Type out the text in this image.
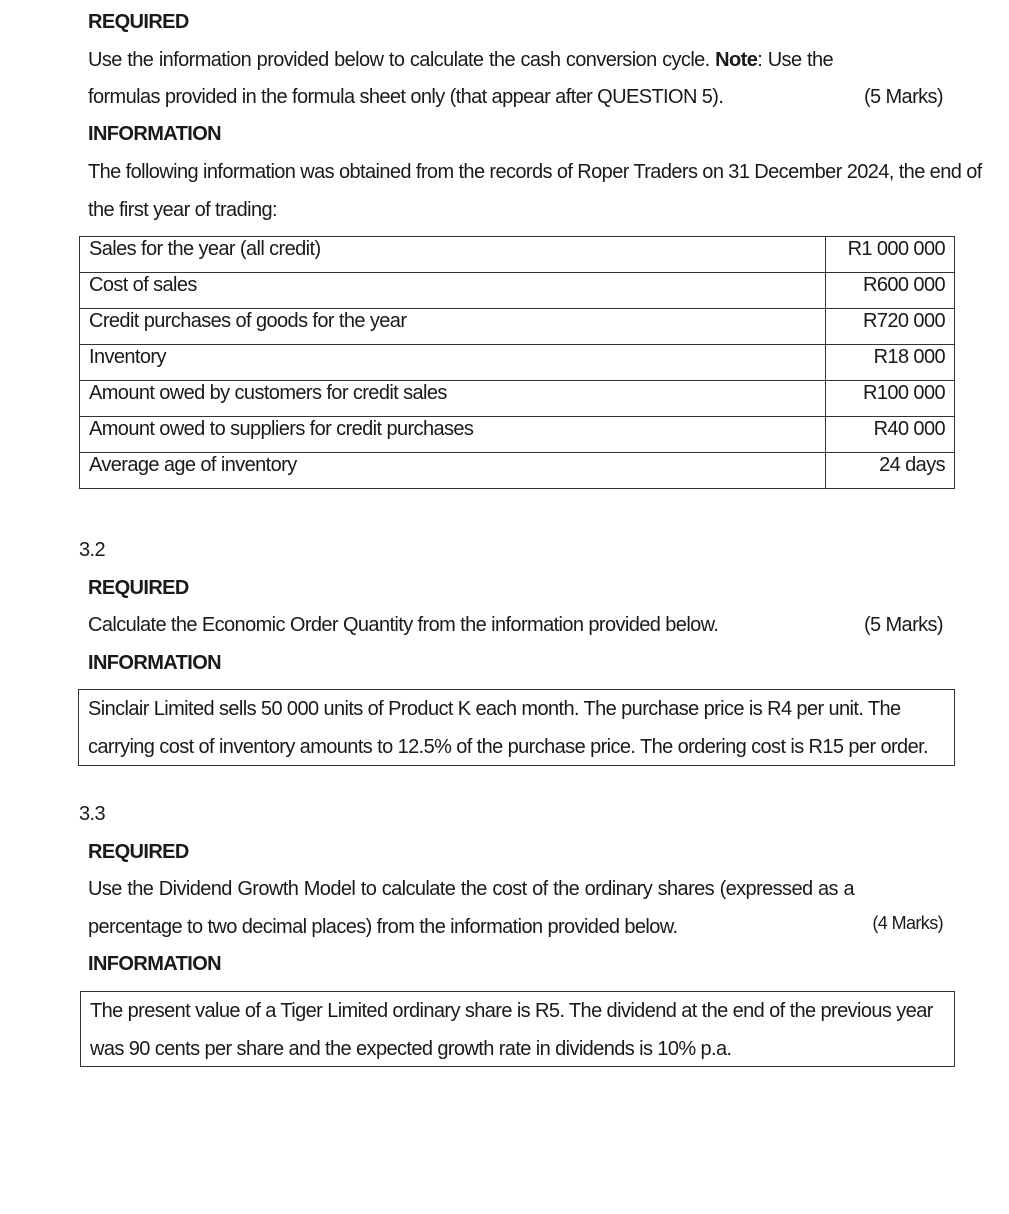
REQUIRED
Use the information provided below to calculate the cash conversion cycle. Note: Use the
formulas provided in the formula sheet only (that appear after QUESTION 5).	(5 Marks)
INFORMATION
The following information was obtained from the records of Roper Traders on 31 December 2024, the end of
the first year of trading:
Sales for the year (all credit)	R1 000 000
Cost of sales	R600 000
Credit purchases of goods for the year	R720 000
Inventory	R18 000
Amount owed by customers for credit sales	R100 000
Amount owed to suppliers for credit purchases	R40 000
Average age of inventory	24 days
3.2
REQUIRED
Calculate the Economic Order Quantity from the information provided below.	(5 Marks)
INFORMATION
Sinclair Limited sells 50 000 units of Product K each month. The purchase price is R4 per unit. The carrying cost of inventory amounts to 12.5% of the purchase price. The ordering cost is R15 per order.
3.3
REQUIRED
Use the Dividend Growth Model to calculate the cost of the ordinary shares (expressed as a
percentage to two decimal places) from the information provided below.	(4 Marks)
INFORMATION
The present value of a Tiger Limited ordinary share is R5. The dividend at the end of the previous year was 90 cents per share and the expected growth rate in dividends is 10% p.a.
